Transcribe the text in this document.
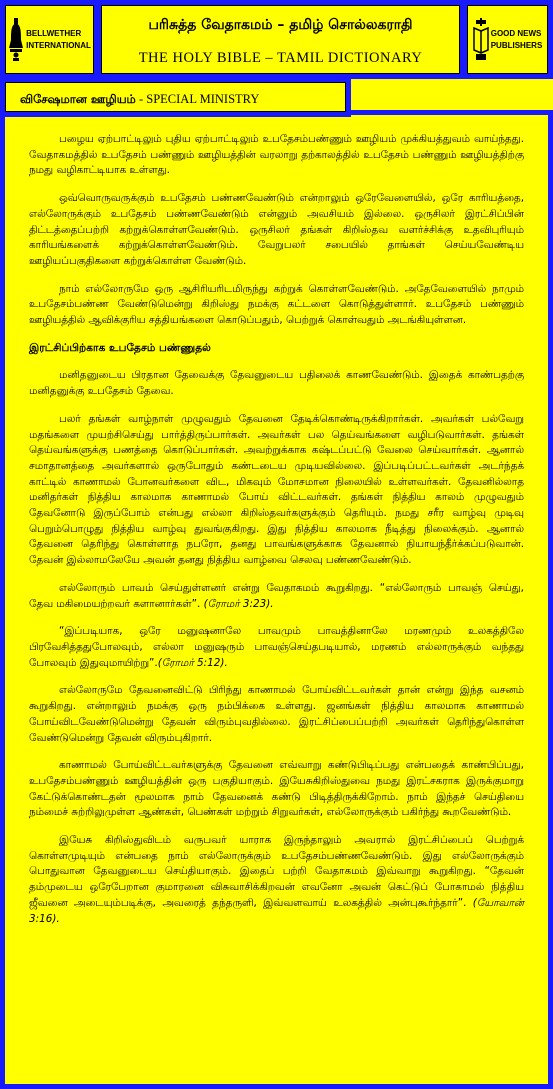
BELLWETHER
INTERNATIONAL
பரிசுத்த வேதாகமம் – தமிழ் சொல்லகராதி
THE HOLY BIBLE – TAMIL DICTIONARY
GOOD NEWS
PUBLISHERS

பழைய ஏற்பாட்டிலும் புதிய ஏற்பாட்டிலும் உபதேசம்பண்ணும் ஊழியம் முக்கியத்துவம் வாய்ந்தது. வேதாகமத்தில் உபதேசம் பண்ணும் ஊழியத்தின் வரலாறு தற்காலத்தில் உபதேசம் பண்ணும் ஊழியத்திற்கு நமது வழிகாட்டியாக உள்ளது.

ஒவ்வொருவருக்கும் உபதேசம் பண்ணவேண்டும் என்றாலும் ஒரேவேளையில், ஒரே காரியத்தை, எல்லோருக்கும் உபதேசம் பண்ணவேண்டும் என்னும் அவசியம் இல்லை. ஒருசிலர் இரட்சிப்பின் திட்டத்தைப்பற்றி கற்றுக்கொள்ளவேண்டும். ஒருசிலர் தங்கள் கிறிஸ்தவ வளர்ச்சிக்கு உதவிபுரியும் காரியங்களைக் கற்றுக்கொள்ளவேண்டும். வேறுபலர் சபையில் தாங்கள் செய்யவேண்டிய ஊழியப்பகுதிகளை கற்றுக்கொள்ள வேண்டும்.

நாம் எல்லோருமே ஒரு ஆசிரியரிடமிருந்து கற்றுக் கொள்ளவேண்டும். அதேவேளையில் நாமும் உபதேசம்பண்ண வேண்டுமென்று கிறிஸ்து நமக்கு கட்டளை கொடுத்துள்ளார். உபதேசம் பண்ணும் ஊழியத்தில் ஆவிக்குரிய சத்தியங்களை கொடுப்பதும், பெற்றுக் கொள்வதும் அடங்கியுள்ளன.

இரட்சிப்பிற்காக உபதேசம் பண்ணுதல்

மனிதனுடைய பிரதான தேவைக்கு தேவனுடைய பதிலைக் காணவேண்டும். இதைக் காண்பதற்கு மனிதனுக்கு உபதேசம் தேவை.

பலர் தங்கள் வாழ்நாள் முழுவதும் தேவனை தேடிக்கொண்டிருக்கிறார்கள். அவர்கள் பல்வேறு மதங்களை முயற்சிசெய்து பார்த்திருப்பார்கள். அவர்கள் பல தெய்வங்களை வழிபடுவார்கள். தங்கள் தெய்வங்களுக்கு பணத்தை கொடுப்பார்கள். அவற்றுக்காக கஷ்டப்பட்டு வேலை செய்வார்கள். ஆனால் சமாதானத்தை அவர்களால் ஒருபோதும் கண்டடைய முடியவில்லை. இப்படிப்பட்டவர்கள் அடர்ந்தக் காட்டில் காணாமல் போனவர்களை விட, மிகவும் மோசமான நிலையில் உள்ளவர்கள். தேவனில்லாத மனிதர்கள் நித்திய காலமாக காணாமல் போய் விட்டவர்கள். தங்கள் நித்திய காலம் முழுவதும் தேவனோடு இருப்போம் என்பது எல்லா கிறிஸ்தவர்களுக்கும் தெரியும். நமது சரீர வாழ்வு முடிவு பெறும்பொழுது நித்திய வாழ்வு துவங்குகிறது. இது நித்திய காலமாக நீடித்து நிலைக்கும். ஆனால் தேவனை தெரிந்து கொள்ளாத நபரோ, தனது பாவங்களுக்காக தேவனால் நியாயந்தீர்க்கப்படுவான். தேவன் இல்லாமலேயே அவன் தனது நித்திய வாழ்வை செலவு பண்ணவேண்டும்.

எல்லோரும் பாவம் செய்துள்ளனர் என்று வேதாகமம் கூறுகிறது. “எல்லோரும் பாவஞ் செய்து, தேவ மகிமையற்றவர் களானார்கள்”. (ரோமர் 3:23).

“இப்படியாக, ஒரே மனுஷனாலே பாவமும் பாவத்தினாலே மரணமும் உலகத்திலே பிரவேசித்ததுபோலவும், எல்லா மனுஷரும் பாவஞ்செய்தபடியால், மரணம் எல்லாருக்கும் வந்தது போலவும் இதுவுமாயிற்று”.(ரோமர் 5:12).

எல்லோருமே தேவனைவிட்டு பிரிந்து காணாமல் போய்விட்டவர்கள் தான் என்று இந்த வசனம் கூறுகிறது. என்றாலும் நமக்கு ஒரு நம்பிக்கை உள்ளது. ஜனங்கள் நித்திய காலமாக காணாமல் போய்விடவேண்டுமென்று தேவன் விரும்புவதில்லை. இரட்சிப்பைப்பற்றி அவர்கள் தெரிந்துகொள்ள வேண்டுமென்று தேவன் விரும்புகிறார்.

காணாமல் போய்விட்டவர்களுக்கு தேவனை எவ்வாறு கண்டுபிடிப்பது என்பதைக் காண்பிப்பது, உபதேசம்பண்ணும் ஊழியத்தின் ஒரு பகுதியாகும். இயேசுகிறிஸ்துவை நமது இரட்சகராக இருக்குமாறு கேட்டுக்கொண்டதன் மூலமாக நாம் தேவனைக் கண்டு பிடித்திருக்கிறோம். நாம் இந்தச் செய்தியை நம்மைச் சுற்றிலுமுள்ள ஆண்கள், பெண்கள் மற்றும் சிறுவர்கள், எல்லோருக்கும் பகிர்ந்து கூறவேண்டும்.

இயேசு கிறிஸ்துவிடம் வருபவர் யாராக இருந்தாலும் அவரால் இரட்சிப்பைப் பெற்றுக் கொள்ளமுடியும் என்பதை நாம் எல்லோருக்கும் உபதேசம்பண்ணவேண்டும். இது எல்லோருக்கும் பொதுவான தேவனுடைய செய்தியாகும். இதைப் பற்றி வேதாகமம் இவ்வாறு கூறுகிறது. “தேவன் தம்முடைய ஒரேபேறான குமாரனை விசுவாசிக்கிறவன் எவனோ அவன் கெட்டுப் போகாமல் நித்திய ஜீவனை அடையும்படிக்கு, அவரைத் தந்தருளி, இவ்வளவாய் உலகத்தில் அன்புகூர்ந்தார்”. (யோவான் 3:16).

விசேஷமான ஊழியம் - SPECIAL MINISTRY
